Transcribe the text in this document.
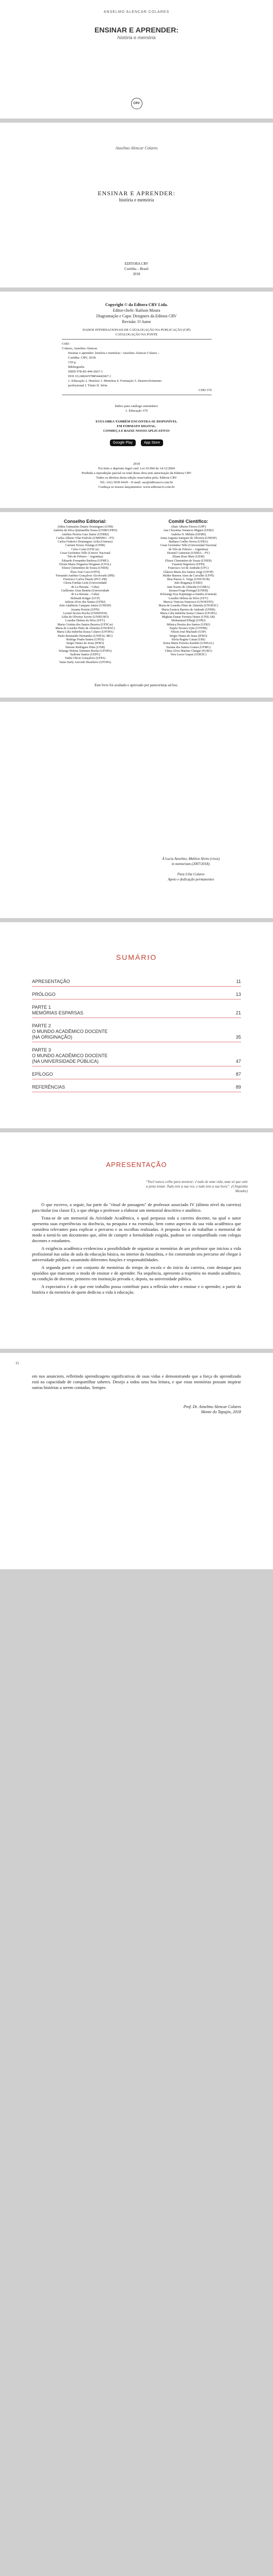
ANSELMO ALENCAR COLARES
ENSINAR E APRENDER:
história e memória
CRV
Anselmo Alencar Colares
ENSINAR E APRENDER:
história e memória
EDITORA CRV
Curitiba – Brasil
2018
Copyright © da Editora CRV Ltda.
Editor-chefe: Railson Moura
Diagramação e Capa: Designers da Editora CRV
Revisão: O Autor
DADOS INTERNACIONAIS DE CATALOGAÇÃO NA PUBLICAÇÃO (CIP)
CATALOGAÇÃO NA FONTE
C683
Colares, Anselmo Alencar.
Ensinar e aprender: história e memória / Anselmo Alencar Colares –
Curitiba: CRV, 2018.
150 p.
Bibliografia
ISBN 978-85-444-2667-1
DOI 10.24824/978854442667.1
1. Educação 2. História 3. Memória 4. Formação 5. Desenvolvimento
profissional I. Título II. Série
CDD 370
Índice para catálogo sistemático
1. Educação 370
ESTA OBRA TAMBÉM ENCONTRA-SE DISPONÍVEL
EM FORMATO DIGITAL.
CONHEÇA E BAIXE NOSSO APLICATIVO!
Google Play	App Store
2018
Foi feito o depósito legal conf. Lei 10.994 de 14/12/2004
Proibida a reprodução parcial ou total desta obra sem autorização da Editora CRV
Todos os direitos desta edição reservados pela: Editora CRV
Tel.: (41) 3039-6418 – E-mail: sac@editoracrv.com.br
Conheça os nossos lançamentos: www.editoracrv.com.br
Conselho Editorial:
Aldira Guimarães Duarte Domínguez (UNB)
Andréia da Silva Quintanilha Sousa (UNIR/UFRN)
Antônio Pereira Gaio Júnior (UFRRJ)
Carlos Alberto Vilar Estêvão (UMINHO – PT)
Carlos Federico Dominguez Avila (Unieuro)
Carmen Tereza Velanga (UNIR)
Celso Conti (UFSCar)
Cesar Gerónimo Tello (Univer. Nacional
Três de Febrero – Argentina)
Eduardo Fernandes Barbosa (UFMG)
Elione Maria Nogueira Diogenes (UFAL)
Elizeu Clementino de Souza (UNEB)
Élsio José Corá (UFFS)
Fernando Antônio Gonçalves Alcoforado (IPB)
Francisco Carlos Duarte (PUC-PR)
Gloria Fariñas León (Universidade
de La Havana – Cuba)
Guillermo Arias Beatón (Universidade
de La Havana – Cuba)
Helmuth Krüger (UCP)
Jailson Alves dos Santos (UFRJ)
João Adalberto Campato Junior (UNESP)
Josania Portela (UFPI)
Leonel Severo Rocha (UNISINOS)
Lídia de Oliveira Xavier (UNIEURO)
Lourdes Helena da Silva (UFV)
Maria Cristina dos Santos Bezerra (UFSCar)
Maria de Lourdes Pinto de Almeida (UNOESC)
Maria Lília Imbiriba Sousa Colares (UFOPA)
Paulo Romualdo Hernandes (UNIFAL-MG)
Rodrigo Pratte-Santos (UFES)
Sérgio Nunes de Jesus (IFRO)
Simone Rodrigues Pinto (UNB)
Solange Helena Ximenes-Rocha (UFOPA)
Sydione Santos (UEPG)
Tadeu Oliver Gonçalves (UFPA)
Tania Suely Azevedo Brasileiro (UFOPA)
Comitê Científico:
Altair Alberto Fávero (UPF)
Ana Chrystina Venancio Mignot (UERJ)
Andréia N. Militão (UEMS)
Anna Augusta Sampaio de Oliveira (UNESP)
Barbara Coelho Neves (UFBA)
Cesar Gerónimo Tello (Universidad Nacional
de Três de Febrero – Argentina)
Diosnel Centurion (UNIDA – PY)
Eliane Rose Maio (UEM)
Elizeu Clementino de Souza (UNEB)
Fauston Negreiros (UFPI)
Francisco Ari de Andrade (UFC)
Gláucia Maria dos Santos Jorge (UFOP)
Helder Buenos Aires de Carvalho (UFPI)
Ilma Passos A. Veiga (UNICEUB)
Inês Bragança (UERJ)
Jane Soares de Almeida (ULBRA)
Jussara Fraga Portugal (UNEB)
Kilwangy Kya Kapitango-a-Samba (Unemat)
Lourdes Helena da Silva (UFV)
Marcos Vinicius Francisco (UNOESTE)
Maria de Lourdes Pinto de Almeida (UNOESC)
Maria Eurácia Barreto de Andrade (UFRB)
Maria Lília Imbiriba Sousa Colares (UFOPA)
Míghian Danae Ferreira Nunes (UNILAB)
Mohammed Elhajji (UFRJ)
Mônica Pereira dos Santos (UFRJ)
Najela Tavares Ujiie (UTFPR)
Nilson José Machado (USP)
Sérgio Nunes de Jesus (IFRO)
Silvia Regina Canan (URI)
Sonia Maria Ferreira Koehler (UNISAL)
Suzana dos Santos Gomes (UFMG)
Vânia Alves Martins Chaigar (FURG)
Vera Lucia Gaspar (UDESC)
Este livro foi avaliado e aprovado por pareceristas ad hoc.
À Lucia Anselmo, Mahlon Alvim (vivos)
in memoriam (2007/2018).
Para Lilia Colares
Apoio e dedicação permanentes
SUMÁRIO
APRESENTAÇÃO	11
PRÓLOGO	13
PARTE 1
MEMÓRIAS ESPARSAS	21
PARTE 2
O MUNDO ACADÊMICO DOCENTE
(NA ORIGINAÇÃO)	35
PARTE 3
O MUNDO ACADÊMICO DOCENTE
(NA UNIVERSIDADE PÚBLICA)	47
EPÍLOGO	87
REFERÊNCIAS	89
APRESENTAÇÃO
“Você nunca colhe para mostrar; é tudo de uma vida, uma só que vale a pena tentar. Tudo tem a sua vez, e tudo tem a sua hora”. (Chiquinha Mendes)

O que escrevo, a seguir, faz parte do "ritual de passagem" de professor associado IV (último nível da carreira) para titular (ou classe E), o que obriga o professor a elaborar um memorial descritivo e analítico.

Trata-se de um memorial da Atividade Acadêmica, o qual perpassa toda a carreira docente, na qual o autor apresenta suas experiências na docência, na pesquisa e na extensão, bem como aspectos da sua vida acadêmica que considera relevantes para explicar o percurso e as escolhas realizadas. A proposta foi a de trabalhar o memorial de modo a torná-lo um documento que, além de cumprir a formalidade exigida, pudesse ser compartilhado com colegas docentes e estudantes.

A exigência acadêmica evidenciou a possibilidade de organizar as memórias de um professor que iniciou a vida profissional nas salas de aula da educação básica, no interior da Amazônia, e foi construindo seu percurso até chegar à universidade pública, assumindo diferentes funções e responsabilidades.

A segunda parte é um conjunto de memórias do tempo de escola e do início da carreira, com destaque para episódios que marcaram o modo de ensinar e de aprender. Na sequência, apresento a trajetória no mundo acadêmico, na condição de docente, primeiro em instituição privada e, depois, na universidade pública.

A expectativa é a de que este trabalho possa contribuir para a reflexão sobre o ensinar e o aprender, a partir da história e da memória de quem dedicou a vida à educação.

11
em nos anunciem, refletindo aprendizagens significativas de suas vidas e demonstrando que a força do aprendizado está na capacidade de compartilhar saberes. Desejo a todos uma boa leitura, e que estas memórias possam inspirar outras histórias a serem contadas. Sempre.
Prof. Dr. Anselmo Alencar Colares
Monte do Tapajós, 2018
